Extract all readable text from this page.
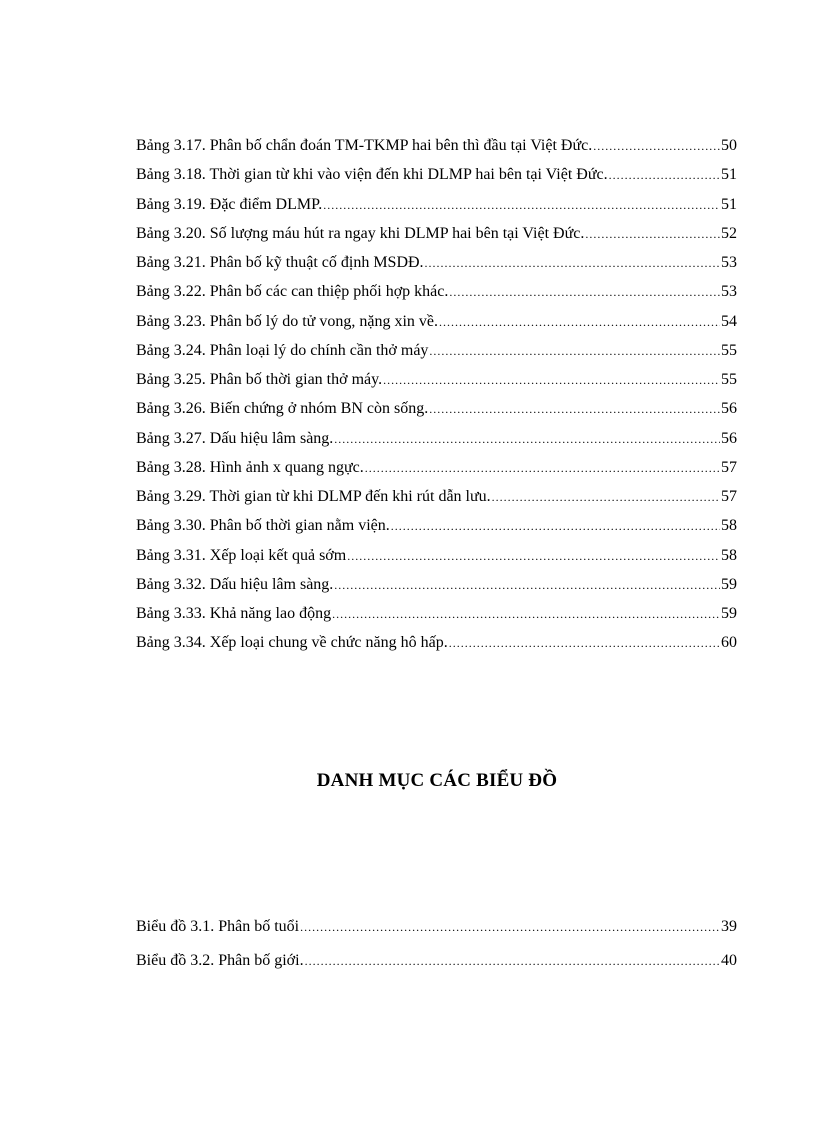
Bảng 3.17. Phân bố chẩn đoán TM-TKMP hai bên thì đầu tại Việt Đức. .....	50
Bảng 3.18. Thời gian từ khi vào viện đến khi DLMP hai bên tại Việt Đức. .....	51
Bảng 3.19. Đặc điểm DLMP. .....	51
Bảng 3.20. Số lượng máu hút ra ngay khi DLMP hai bên tại Việt Đức. .....	52
Bảng 3.21. Phân bố kỹ thuật cố định MSDĐ. .....	53
Bảng 3.22. Phân bố các can thiệp phối hợp khác. .....	53
Bảng 3.23. Phân bố lý do tử vong, nặng xin về. .....	54
Bảng 3.24. Phân loại lý do chính cần thở máy .....	55
Bảng 3.25. Phân bố thời gian thở máy. .....	55
Bảng 3.26. Biến chứng ở nhóm BN còn sống. .....	56
Bảng 3.27. Dấu hiệu lâm sàng. .....	56
Bảng 3.28. Hình ảnh x quang ngực. .....	57
Bảng 3.29. Thời gian từ khi DLMP đến khi rút dẫn lưu. .....	57
Bảng 3.30. Phân bố thời gian nằm viện. .....	58
Bảng 3.31. Xếp loại kết quả sớm .....	58
Bảng 3.32. Dấu hiệu lâm sàng. .....	59
Bảng 3.33. Khả năng lao động .....	59
Bảng 3.34. Xếp loại chung về chức năng hô hấp. .....	60
DANH MỤC CÁC BIỂU ĐỒ
Biểu đồ 3.1. Phân bố tuổi .....	39
Biểu đồ 3.2. Phân bố giới. .....	40
